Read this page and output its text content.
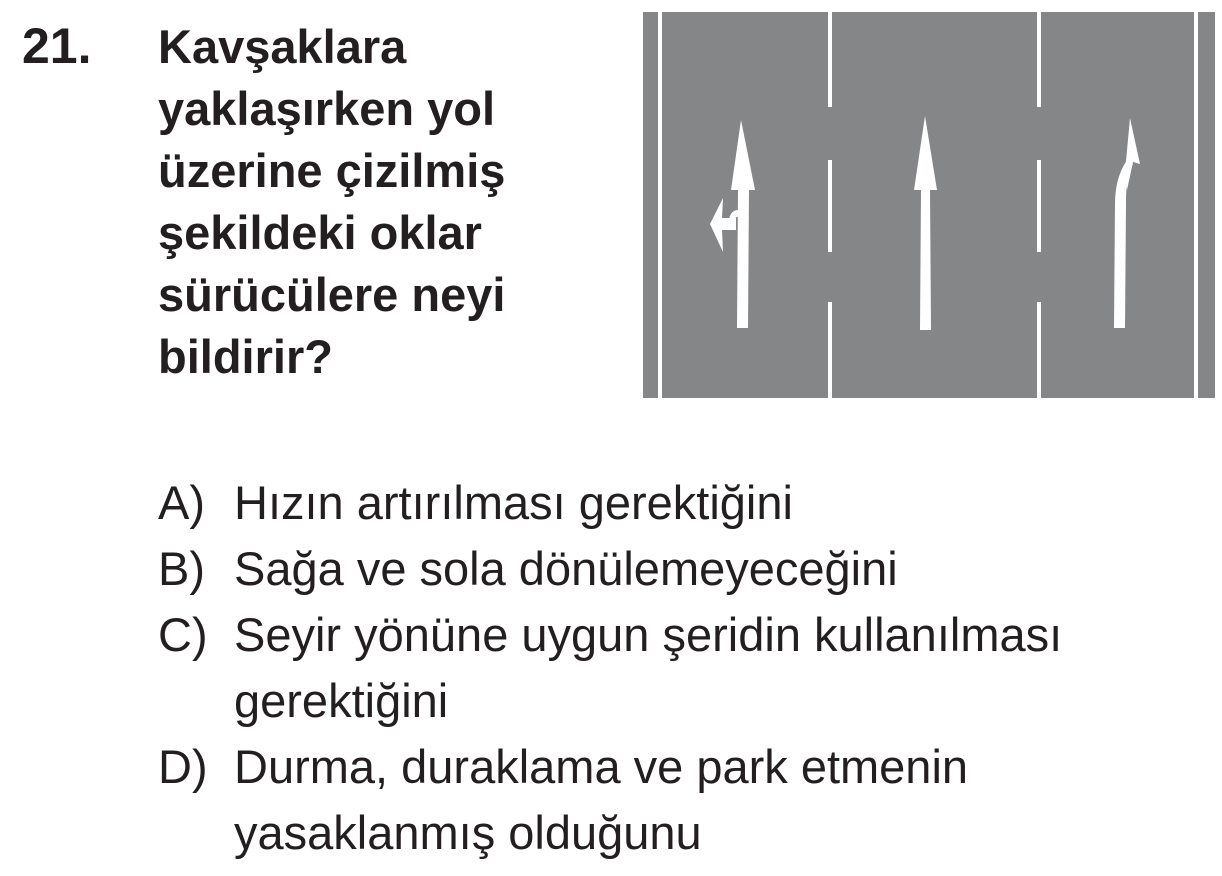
21. Kavşaklara
yaklaşırken yol
üzerine çizilmiş
şekildeki oklar
sürücülere neyi
bildirir?
A) Hızın artırılması gerektiğini
B) Sağa ve sola dönülemeyeceğini
C) Seyir yönüne uygun şeridin kullanılması
gerektiğini
D) Durma, duraklama ve park etmenin
yasaklanmış olduğunu
